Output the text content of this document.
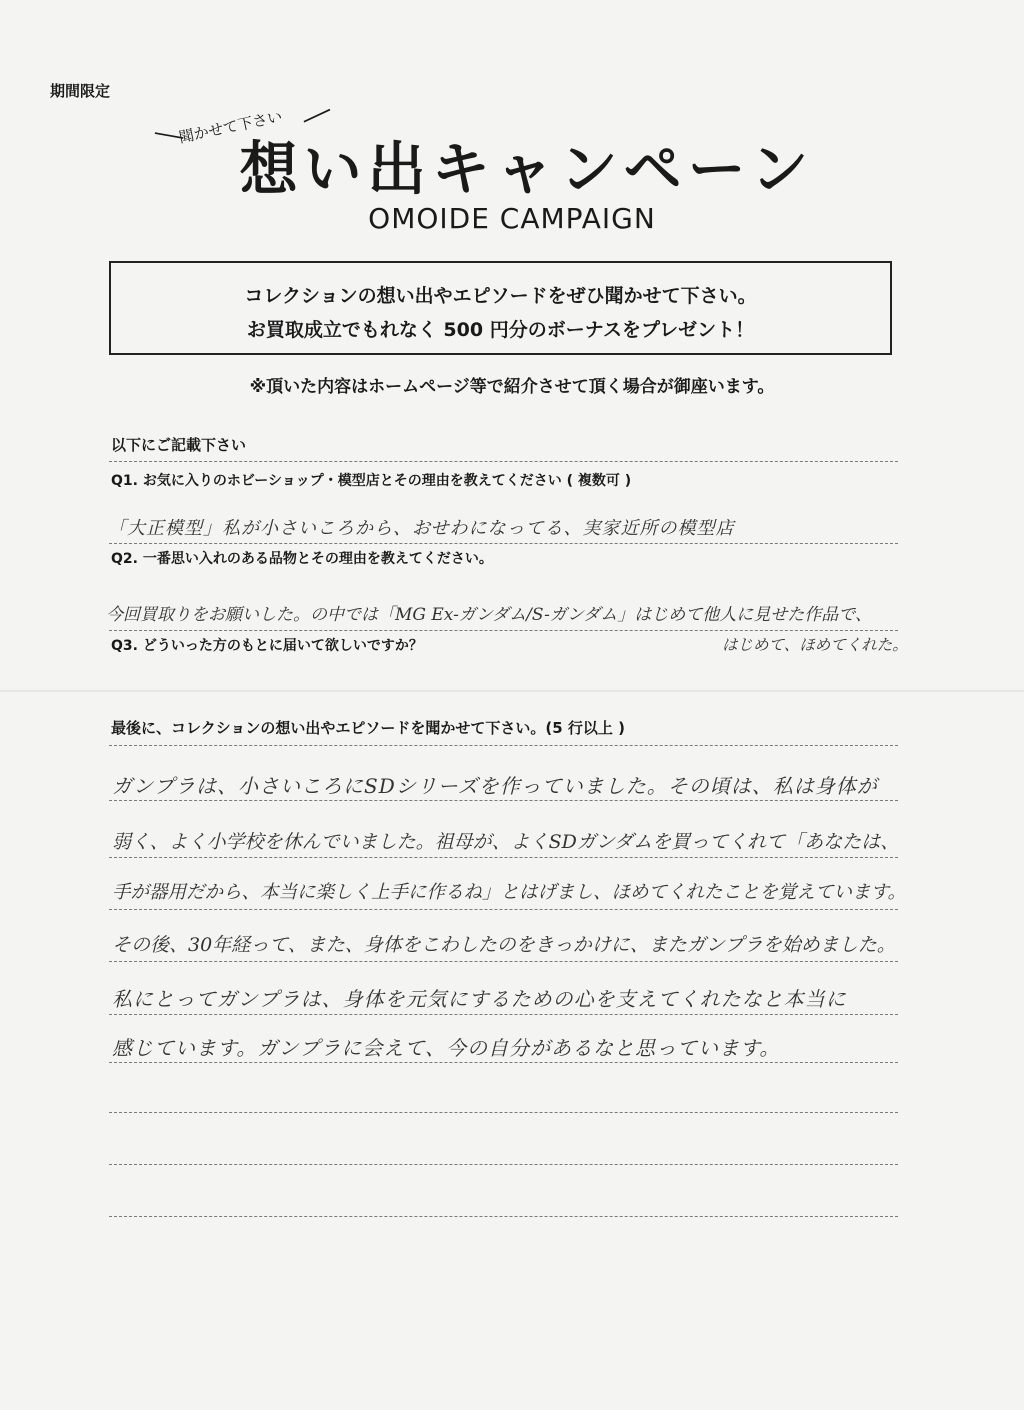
期間限定
＼
聞かせて下さい ／
想い出キャンペーン
OMOIDE CAMPAIGN
コレクションの想い出やエピソードをぜひ聞かせて下さい。
お買取成立でもれなく 500 円分のボーナスをプレゼント！
※頂いた内容はホームページ等で紹介させて頂く場合が御座います。
以下にご記載下さい
Q1. お気に入りのホビーショップ・模型店とその理由を教えてください ( 複数可 )
「大正模型」私が小さいころから、おせわになってる、実家近所の模型店
Q2. 一番思い入れのある品物とその理由を教えてください。
今回買取りをお願いした。の中では「MG Ex-ガンダム/S-ガンダム」はじめて他人に見せた作品で、
Q3. どういった方のもとに届いて欲しいですか？	はじめて、ほめてくれた。
最後に、コレクションの想い出やエピソードを聞かせて下さい。(5 行以上 )
ガンプラは、小さいころにSDシリーズを作っていました。その頃は、私は身体が
弱く、よく小学校を休んでいました。祖母が、よくSDガンダムを買ってくれて「あなたは、
手が器用だから、本当に楽しく上手に作るね」とはげまし、ほめてくれたことを覚えています。
その後、30年経って、また、身体をこわしたのをきっかけに、またガンプラを始めました。
私にとってガンプラは、身体を元気にするための心を支えてくれたなと本当に
感じています。ガンプラに会えて、今の自分があるなと思っています。
